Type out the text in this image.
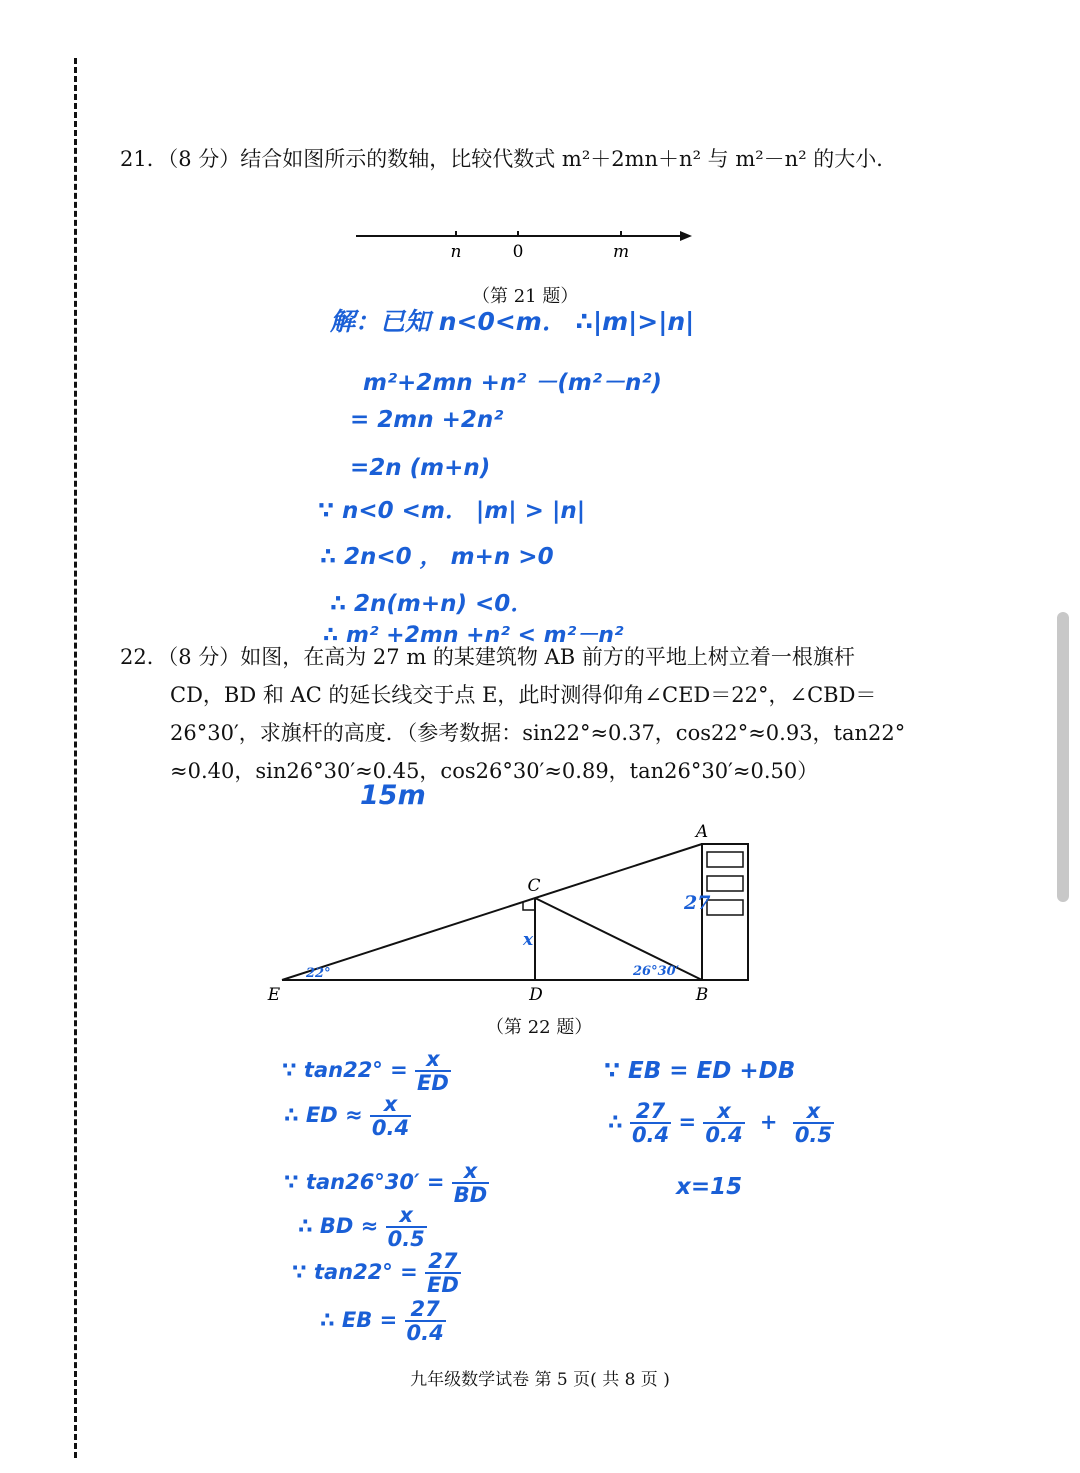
21．（8 分）结合如图所示的数轴，比较代数式 m²＋2mn＋n² 与 m²－n² 的大小．
n	0	m
（第 21 题）
解：已知 n<0<m． ∴|m|>|n|
m²+2mn +n² －(m²－n²)
= 2mn +2n²
=2n (m+n)
∵ n<0 <m． |m| > |n|
∴ 2n<0 ， m+n >0
∴ 2n(m+n) <0．
∴ m² +2mn +n² < m²－n²
22．（8 分）如图，在高为 27 m 的某建筑物 AB 前方的平地上树立着一根旗杆
CD，BD 和 AC 的延长线交于点 E，此时测得仰角∠CED＝22°，∠CBD＝
26°30′，求旗杆的高度．（参考数据：sin22°≈0.37，cos22°≈0.93，tan22°
≈0.40，sin26°30′≈0.45，cos26°30′≈0.89，tan26°30′≈0.50）
15m
A
C
E	D	B
27
x
22°	26°30′
（第 22 题）
∵ $\tan 22^\circ = \frac{x}{ED}$
∴ ED ≈ $\frac{x}{0.4}$
∵ $\tan 26^\circ 30' = \frac{x}{BD}$
∴ BD ≈ $\frac{x}{0.5}$
∵ $\tan 22^\circ = \frac{27}{ED}$
∴ EB = $\frac{27}{0.4}$
∵ EB = ED +DB
∴ $\frac{27}{0.4} = \frac{x}{0.4} + \frac{x}{0.5}$
x=15
九年级数学试卷 第 5 页( 共 8 页 )
